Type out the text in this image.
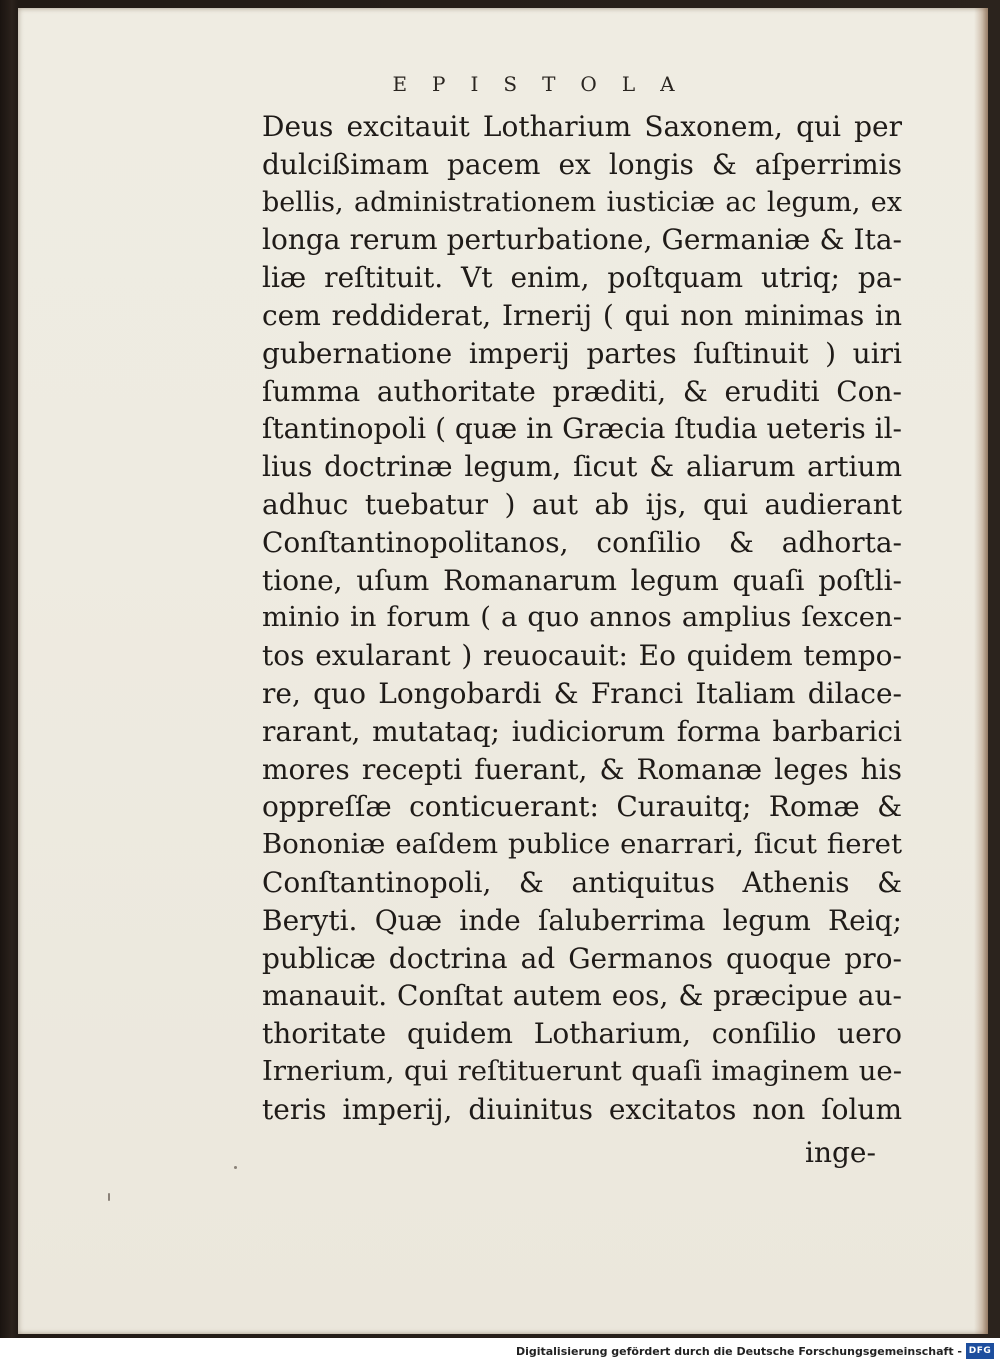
EPISTOLA
Deus excitauit Lotharium Saxonem, qui per
dulcißimam pacem ex longis & aſperrimis
bellis, administrationem iusticiæ ac legum, ex
longa rerum perturbatione, Germaniæ & Ita-
liæ reſtituit. Vt enim, poſtquam utriq; pa-
cem reddiderat, Irnerij ( qui non minimas in
gubernatione imperij partes ſuſtinuit ) uiri
ſumma authoritate præditi, & eruditi Con-
ſtantinopoli ( quæ in Græcia ſtudia ueteris il-
lius doctrinæ legum, ſicut & aliarum artium
adhuc tuebatur ) aut ab ijs, qui audierant
Conſtantinopolitanos, conſilio & adhorta-
tione, uſum Romanarum legum quaſi poſtli-
minio in forum ( a quo annos amplius ſexcen-
tos exularant ) reuocauit: Eo quidem tempo-
re, quo Longobardi & Franci Italiam dilace-
rarant, mutataq; iudiciorum forma barbarici
mores recepti fuerant, & Romanæ leges his
oppreſſæ conticuerant: Curauitq; Romæ &
Bononiæ eaſdem publice enarrari, ſicut fieret
Conſtantinopoli, & antiquitus Athenis &
Beryti. Quæ inde ſaluberrima legum Reiq;
publicæ doctrina ad Germanos quoque pro-
manauit. Conſtat autem eos, & præcipue au-
thoritate quidem Lotharium, conſilio uero
Irnerium, qui reſtituerunt quaſi imaginem ue-
teris imperij, diuinitus excitatos non ſolum
inge-
Digitalisierung gefördert durch die Deutsche Forschungsgemeinschaft - DFG
